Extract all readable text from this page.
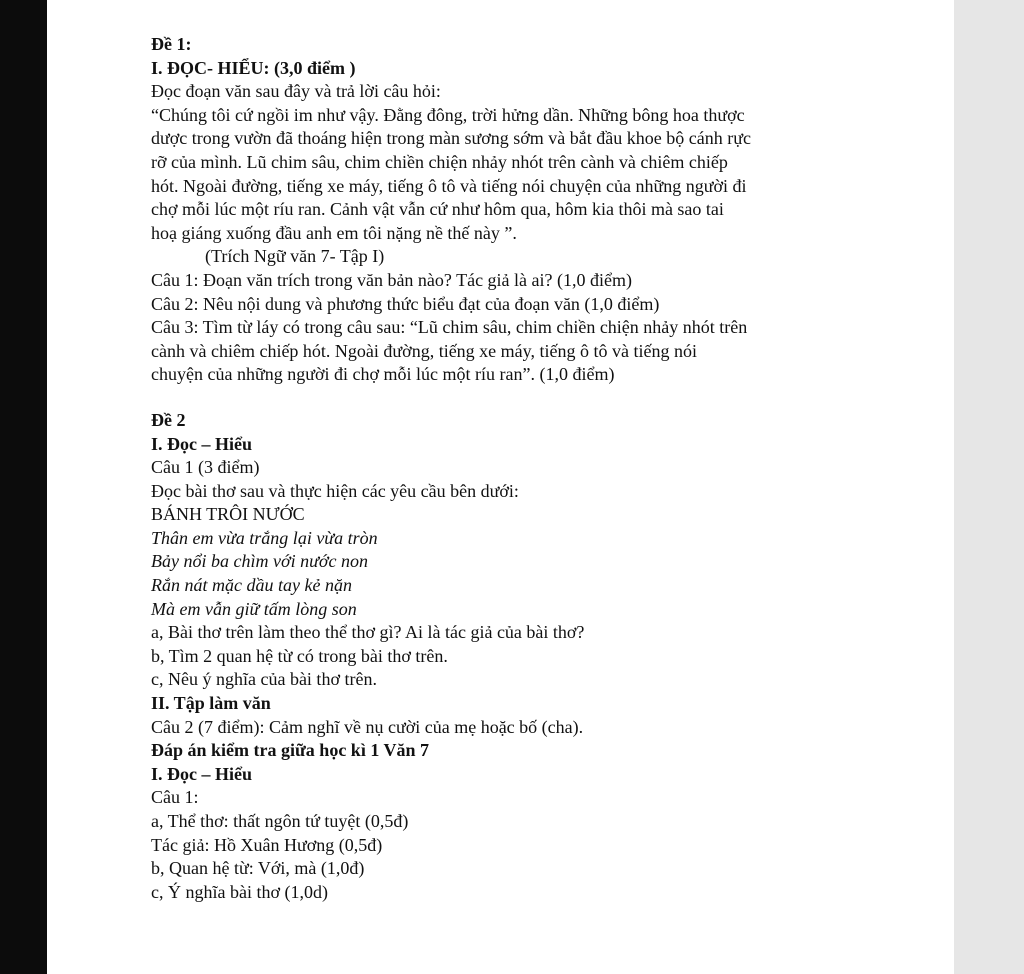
Đề 1:
I. ĐỌC- HIỂU: (3,0 điểm )
Đọc đoạn văn sau đây và trả lời câu hỏi:
“Chúng tôi cứ ngồi im như vậy. Đằng đông, trời hửng dần. Những bông hoa thược
dược trong vườn đã thoáng hiện trong màn sương sớm và bắt đầu khoe bộ cánh rực
rỡ của mình. Lũ chim sâu, chim chiền chiện nhảy nhót trên cành và chiêm chiếp
hót. Ngoài đường, tiếng xe máy, tiếng ô tô và tiếng nói chuyện của những người đi
chợ mỗi lúc một ríu ran. Cảnh vật vẫn cứ như hôm qua, hôm kia thôi mà sao tai
hoạ giáng xuống đầu anh em tôi nặng nề thế này ”.
(Trích Ngữ văn 7- Tập I)
Câu 1: Đoạn văn trích trong văn bản nào? Tác giả là ai? (1,0 điểm)
Câu 2: Nêu nội dung và phương thức biểu đạt của đoạn văn (1,0 điểm)
Câu 3: Tìm từ láy có trong câu sau: “Lũ chim sâu, chim chiền chiện nhảy nhót trên
cành và chiêm chiếp hót. Ngoài đường, tiếng xe máy, tiếng ô tô và tiếng nói
chuyện của những người đi chợ mỗi lúc một ríu ran”. (1,0 điểm)
Đề 2
I. Đọc – Hiểu
Câu 1 (3 điểm)
Đọc bài thơ sau và thực hiện các yêu cầu bên dưới:
BÁNH TRÔI NƯỚC
Thân em vừa trắng lại vừa tròn
Bảy nổi ba chìm với nước non
Rắn nát mặc dầu tay kẻ nặn
Mà em vẫn giữ tấm lòng son
a, Bài thơ trên làm theo thể thơ gì? Ai là tác giả của bài thơ?
b, Tìm 2 quan hệ từ có trong bài thơ trên.
c, Nêu ý nghĩa của bài thơ trên.
II. Tập làm văn
Câu 2 (7 điểm): Cảm nghĩ về nụ cười của mẹ hoặc bố (cha).
Đáp án kiểm tra giữa học kì 1 Văn 7
I. Đọc – Hiểu
Câu 1:
a, Thể thơ: thất ngôn tứ tuyệt (0,5đ)
Tác giả: Hồ Xuân Hương (0,5đ)
b, Quan hệ từ: Với, mà (1,0đ)
c, Ý nghĩa bài thơ (1,0d)
